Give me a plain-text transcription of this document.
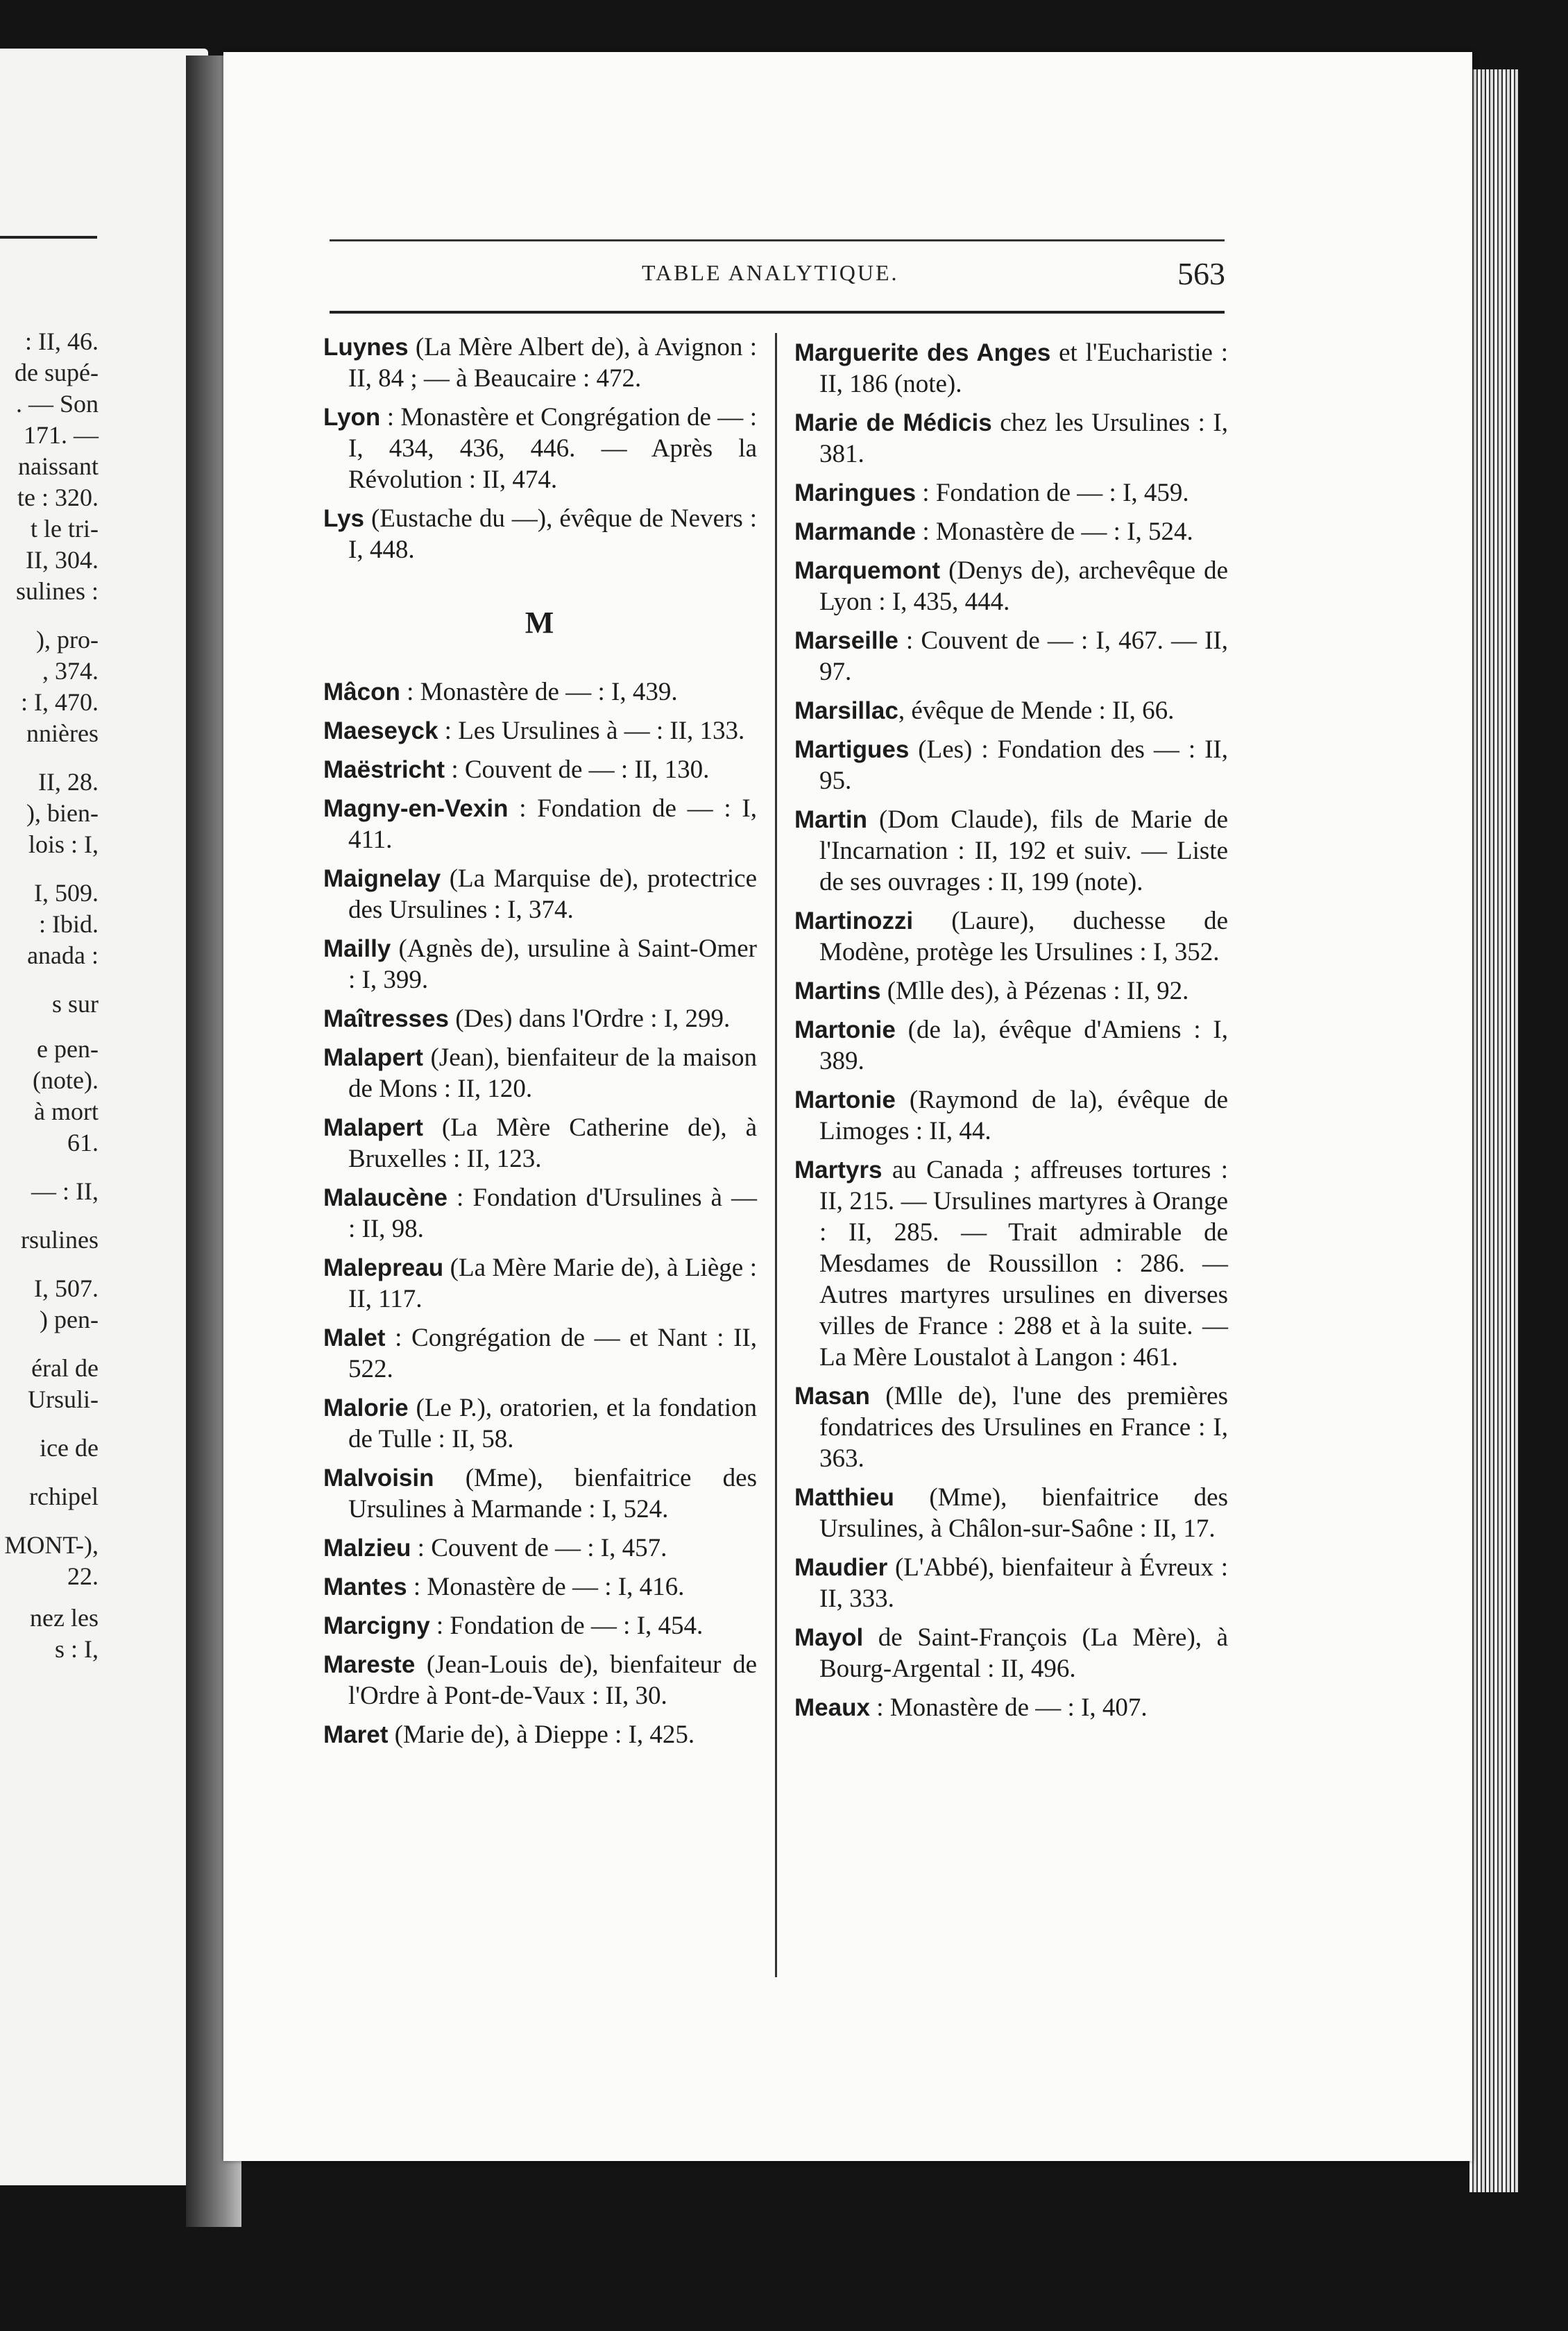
: II, 46.
de supé-
. — Son
171. —
naissant
te : 320.
t le tri-
II, 304.
sulines :
), pro-
, 374.
: I, 470.
nnières
II, 28.
), bien-
lois : I,
I, 509.
: Ibid.
anada :
s sur
e pen-
(note).
à mort
61.
— : II,
rsulines
I, 507.
) pen-
éral de
Ursuli-
ice de
rchipel
MONT-),
22.
nez les
s : I,
TABLE ANALYTIQUE.	563
Luynes (La Mère Albert de), à Avignon : II, 84 ; — à Beaucaire : 472.
Lyon : Monastère et Congrégation de — : I, 434, 436, 446. — Après la Révolution : II, 474.
Lys (Eustache du —), évêque de Nevers : I, 448.
M
Mâcon : Monastère de — : I, 439.
Maeseyck : Les Ursulines à — : II, 133.
Maëstricht : Couvent de — : II, 130.
Magny-en-Vexin : Fondation de — : I, 411.
Maignelay (La Marquise de), protectrice des Ursulines : I, 374.
Mailly (Agnès de), ursuline à Saint-Omer : I, 399.
Maîtresses (Des) dans l'Ordre : I, 299.
Malapert (Jean), bienfaiteur de la maison de Mons : II, 120.
Malapert (La Mère Catherine de), à Bruxelles : II, 123.
Malaucène : Fondation d'Ursulines à — : II, 98.
Malepreau (La Mère Marie de), à Liège : II, 117.
Malet : Congrégation de — et Nant : II, 522.
Malorie (Le P.), oratorien, et la fondation de Tulle : II, 58.
Malvoisin (Mme), bienfaitrice des Ursulines à Marmande : I, 524.
Malzieu : Couvent de — : I, 457.
Mantes : Monastère de — : I, 416.
Marcigny : Fondation de — : I, 454.
Mareste (Jean-Louis de), bienfaiteur de l'Ordre à Pont-de-Vaux : II, 30.
Maret (Marie de), à Dieppe : I, 425.
Marguerite des Anges et l'Eucharistie : II, 186 (note).
Marie de Médicis chez les Ursulines : I, 381.
Maringues : Fondation de — : I, 459.
Marmande : Monastère de — : I, 524.
Marquemont (Denys de), archevêque de Lyon : I, 435, 444.
Marseille : Couvent de — : I, 467. — II, 97.
Marsillac, évêque de Mende : II, 66.
Martigues (Les) : Fondation des — : II, 95.
Martin (Dom Claude), fils de Marie de l'Incarnation : II, 192 et suiv. — Liste de ses ouvrages : II, 199 (note).
Martinozzi (Laure), duchesse de Modène, protège les Ursulines : I, 352.
Martins (Mlle des), à Pézenas : II, 92.
Martonie (de la), évêque d'Amiens : I, 389.
Martonie (Raymond de la), évêque de Limoges : II, 44.
Martyrs au Canada ; affreuses tortures : II, 215. — Ursulines martyres à Orange : II, 285. — Trait admirable de Mesdames de Roussillon : 286. — Autres martyres ursulines en diverses villes de France : 288 et à la suite. — La Mère Loustalot à Langon : 461.
Masan (Mlle de), l'une des premières fondatrices des Ursulines en France : I, 363.
Matthieu (Mme), bienfaitrice des Ursulines, à Châlon-sur-Saône : II, 17.
Maudier (L'Abbé), bienfaiteur à Évreux : II, 333.
Mayol de Saint-François (La Mère), à Bourg-Argental : II, 496.
Meaux : Monastère de — : I, 407.
